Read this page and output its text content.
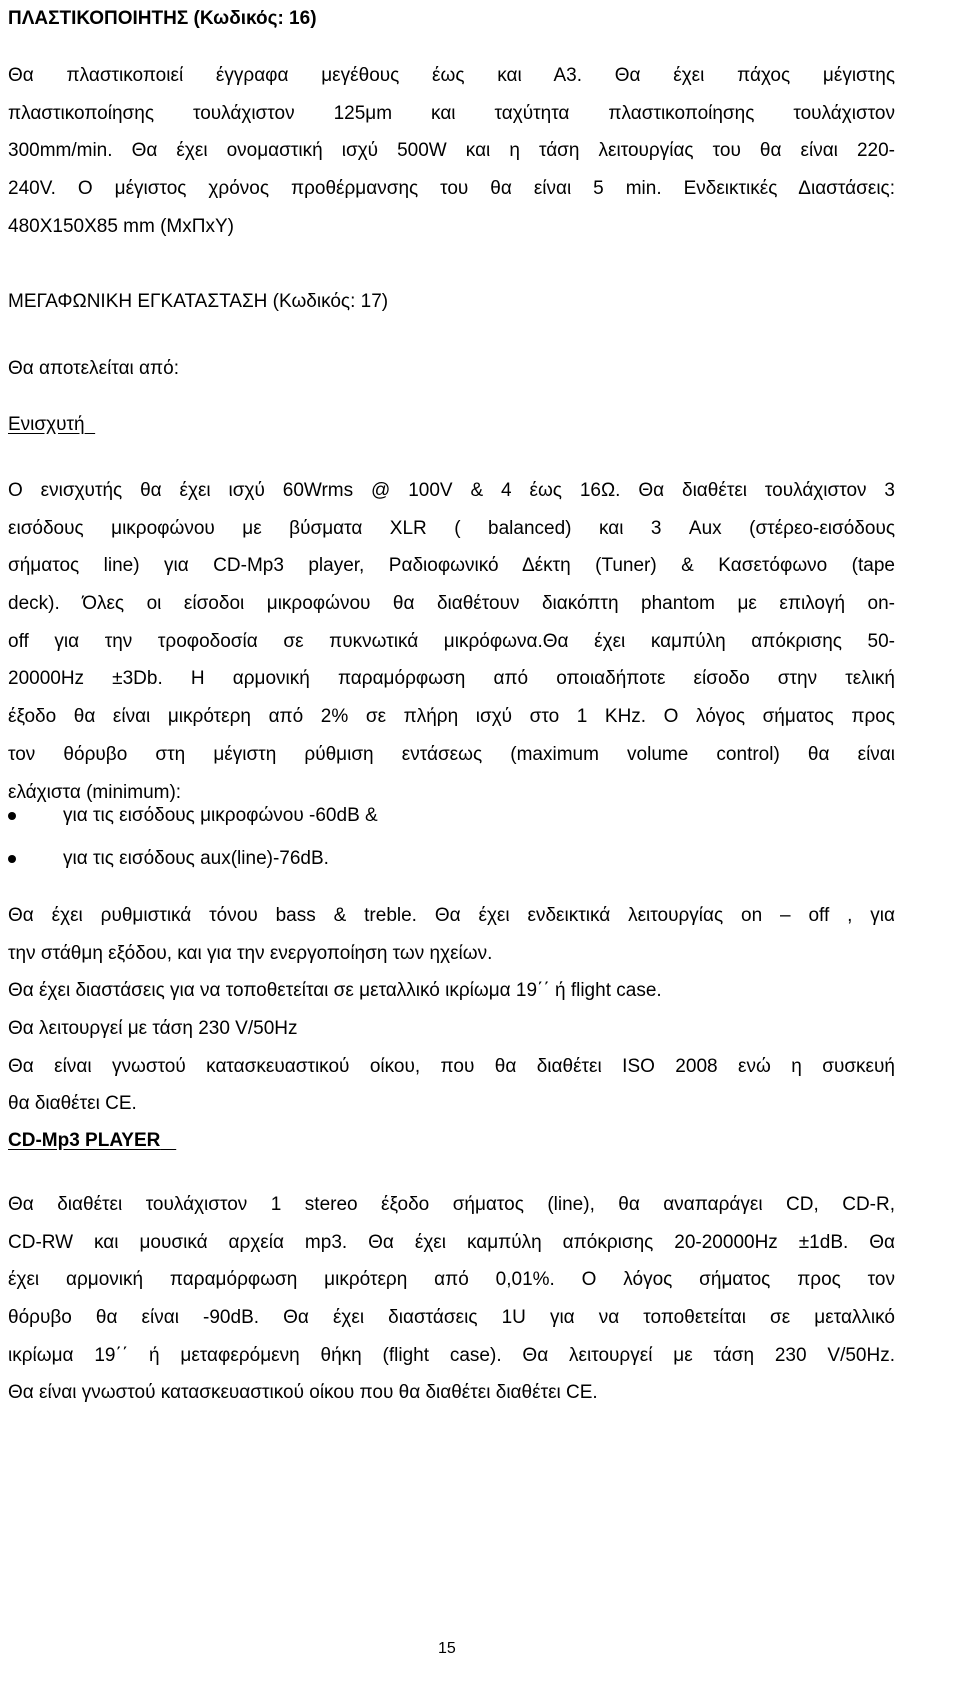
ΠΛΑΣΤΙΚΟΠΟΙΗΤΗΣ (Κωδικός: 16)
Θα πλαστικοποιεί έγγραφα μεγέθους έως και Α3. Θα έχει πάχος μέγιστης
πλαστικοποίησης τουλάχιστον 125μm και ταχύτητα πλαστικοποίησης τουλάχιστον
300mm/min. Θα έχει ονομαστική ισχύ 500W και η τάση λειτουργίας του θα είναι 220-
240V. Ο μέγιστος χρόνος προθέρμανσης του θα είναι 5 min. Ενδεικτικές Διαστάσεις:
480X150X85 mm (ΜxΠxΥ)
ΜΕΓΑΦΩΝΙΚΗ ΕΓΚΑΤΑΣΤΑΣΗ (Κωδικός: 17)
Θα αποτελείται από:
Ενισχυτή
Ο ενισχυτής θα έχει ισχύ 60Wrms @ 100V & 4 έως 16Ω. Θα διαθέτει τουλάχιστον 3
εισόδους μικροφώνου με βύσματα XLR ( balanced) και 3 Aux (στέρεο-εισόδους
σήματος line) για CD-Mp3 player, Ραδιοφωνικό Δέκτη (Tuner) & Κασετόφωνο (tape
deck). Όλες οι είσοδοι μικροφώνου θα διαθέτουν διακόπτη phantom με επιλογή on-
off για την τροφοδοσία σε πυκνωτικά μικρόφωνα.Θα έχει καμπύλη απόκρισης 50-
20000Hz ±3Db. Η αρμονική παραμόρφωση από οποιαδήποτε είσοδο στην τελική
έξοδο θα είναι μικρότερη από 2% σε πλήρη ισχύ στο 1 KHz. Ο λόγος σήματος προς
τον θόρυβο στη μέγιστη ρύθμιση εντάσεως (maximum volume control) θα είναι
ελάχιστα (minimum):
για τις εισόδους μικροφώνου -60dB &
για τις εισόδους aux(line)-76dB.
Θα έχει ρυθμιστικά τόνου bass & treble. Θα έχει ενδεικτικά λειτουργίας on – off , για
την στάθμη εξόδου, και για την ενεργοποίηση των ηχείων.
Θα έχει διαστάσεις για να τοποθετείται σε μεταλλικό ικρίωμα 19΄΄ ή flight case.
Θα λειτουργεί με τάση 230 V/50Hz
Θα είναι γνωστού κατασκευαστικού οίκου, που θα διαθέτει ISO 2008 ενώ η συσκευή
θα διαθέτει CE.
CD-Mp3 PLAYER
Θα διαθέτει τουλάχιστον 1 stereo έξοδο σήματος (line), θα αναπαράγει CD, CD-R,
CD-RW και μουσικά αρχεία mp3. Θα έχει καμπύλη απόκρισης 20-20000Hz ±1dB. Θα
έχει αρμονική παραμόρφωση μικρότερη από 0,01%. Ο λόγος σήματος προς τον
θόρυβο θα είναι -90dB. Θα έχει διαστάσεις 1U για να τοποθετείται σε μεταλλικό
ικρίωμα 19΄΄ ή μεταφερόμενη θήκη (flight case). Θα λειτουργεί με τάση 230 V/50Hz.
Θα είναι γνωστού κατασκευαστικού οίκου που θα διαθέτει διαθέτει CE.
15
